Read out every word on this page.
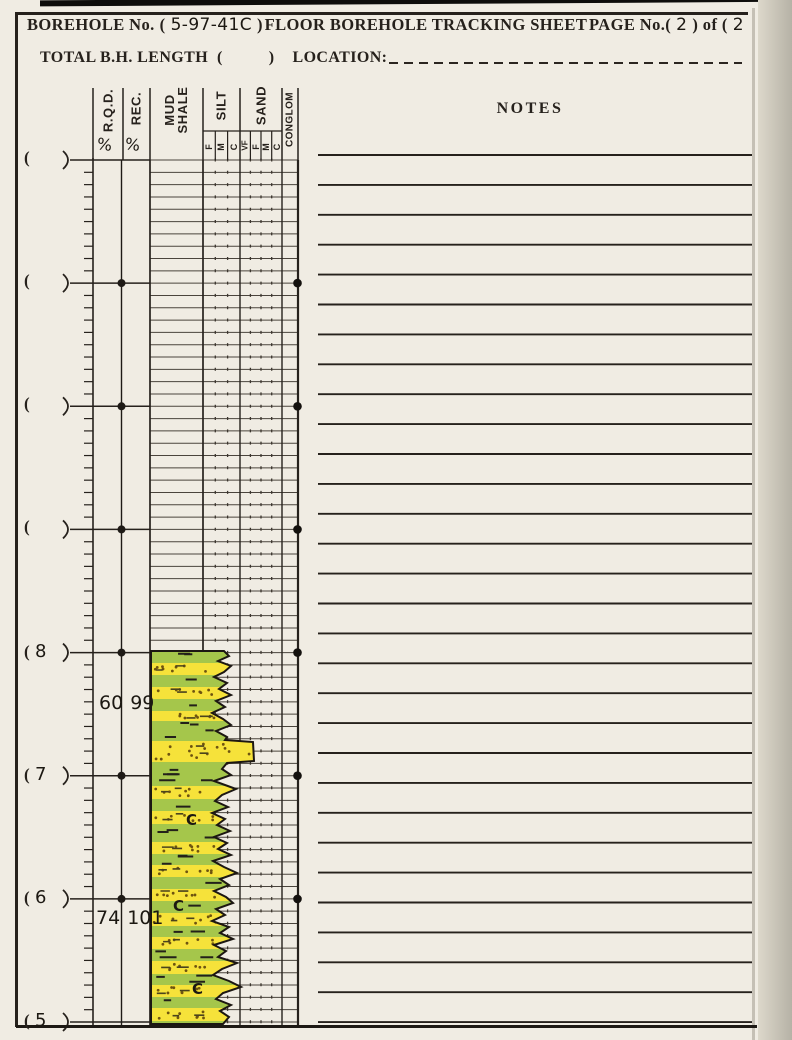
BOREHOLE No. ( 5-97-41C ) FLOOR BOREHOLE TRACKING SHEET PAGE No.( 2 ) of ( 2
TOTAL B.H. LENGTH (	) LOCATION:
R.Q.D. REC. MUD
SHALE SILT SAND CONGLOM
% %	F M C VF F M C
NOTES
(
(
(
(
( 8
( 7
( 6
( 5
60 99
74 101
C
C
C
